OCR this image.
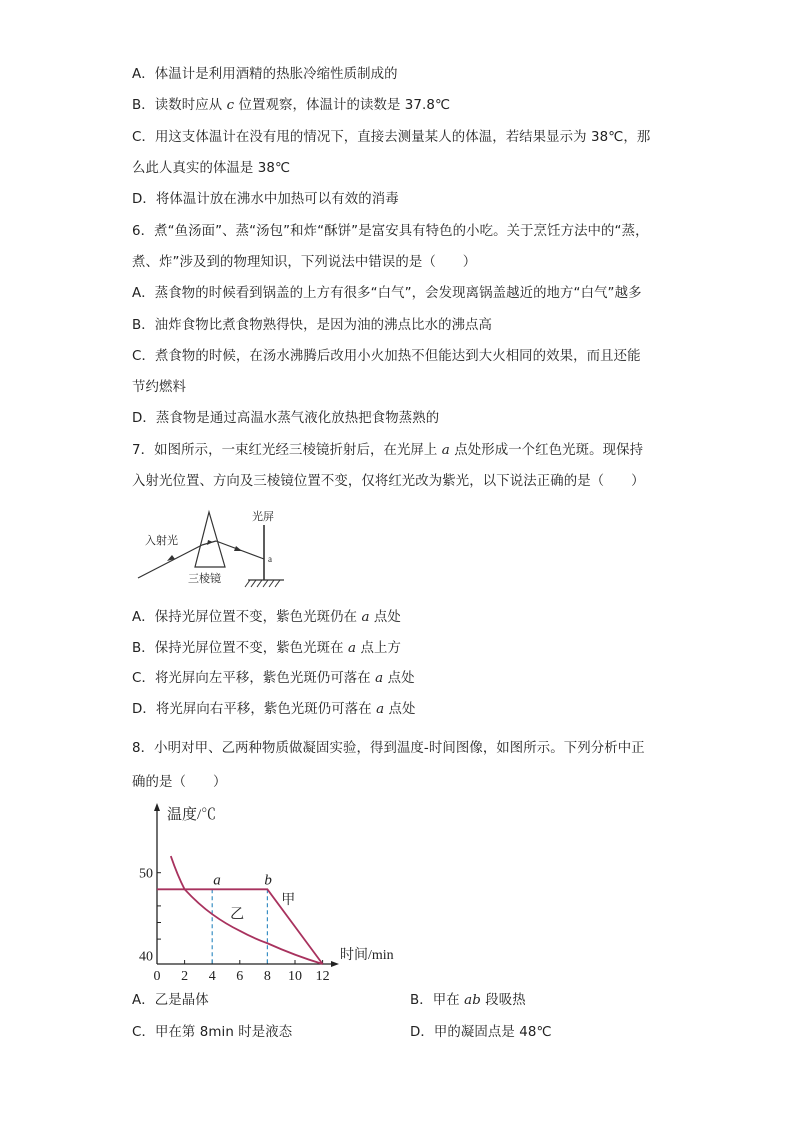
A．体温计是利用酒精的热胀冷缩性质制成的
B．读数时应从 c 位置观察，体温计的读数是 37.8℃
C．用这支体温计在没有甩的情况下，直接去测量某人的体温，若结果显示为 38℃，那
么此人真实的体温是 38℃
D．将体温计放在沸水中加热可以有效的消毒
6．煮“鱼汤面”、蒸“汤包”和炸“酥饼”是富安具有特色的小吃。关于烹饪方法中的“蒸，
煮、炸”涉及到的物理知识，下列说法中错误的是（　　）
A．蒸食物的时候看到锅盖的上方有很多“白气”，会发现离锅盖越近的地方“白气”越多
B．油炸食物比煮食物熟得快，是因为油的沸点比水的沸点高
C．煮食物的时候，在汤水沸腾后改用小火加热不但能达到大火相同的效果，而且还能
节约燃料
D．蒸食物是通过高温水蒸气液化放热把食物蒸熟的
7．如图所示，一束红光经三棱镜折射后，在光屏上 a 点处形成一个红色光斑。现保持
入射光位置、方向及三棱镜位置不变，仅将红光改为紫光，以下说法正确的是（　　）
光屏
入射光
三棱镜
a
A．保持光屏位置不变，紫色光斑仍在 a 点处
B．保持光屏位置不变，紫色光斑在 a 点上方
C．将光屏向左平移，紫色光斑仍可落在 a 点处
D．将光屏向右平移，紫色光斑仍可落在 a 点处
8．小明对甲、乙两种物质做凝固实验，得到温度-时间图像，如图所示。下列分析中正
确的是（　　）
0 2 4 6 8 10 12
40
50
温度/℃
时间/min
甲
乙
a	b
A．乙是晶体	B．甲在 ab 段吸热
C．甲在第 8min 时是液态	D．甲的凝固点是 48℃
